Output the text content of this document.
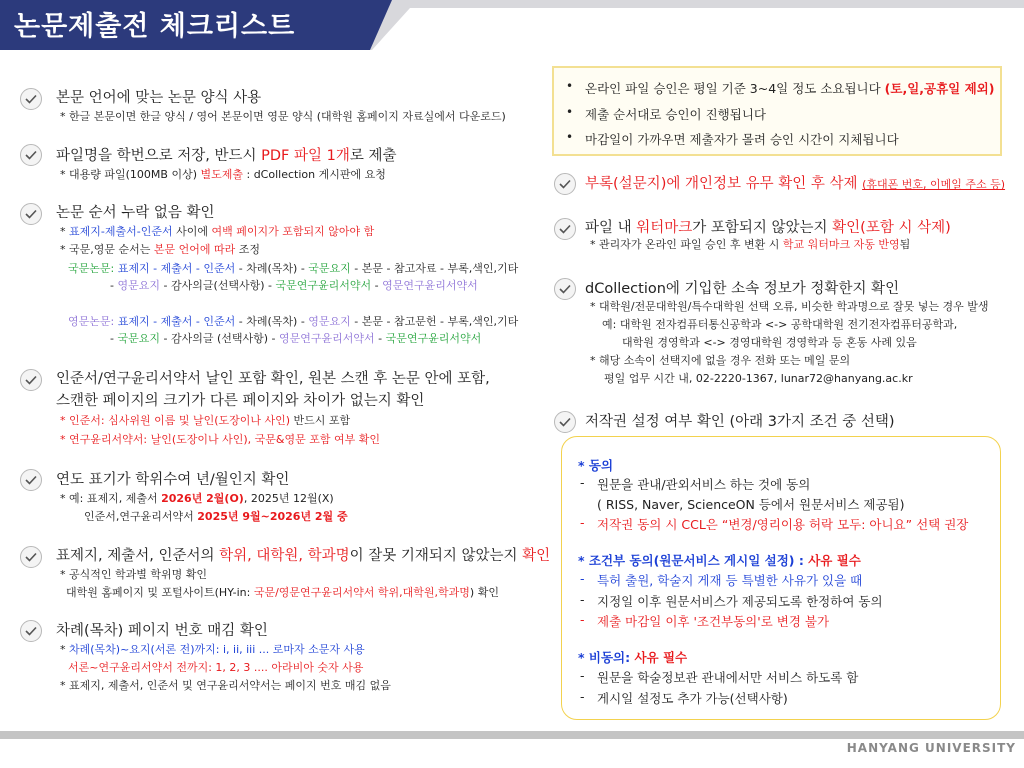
논문제출전 체크리스트
본문 언어에 맞는 논문 양식 사용
* 한글 본문이면 한글 양식 / 영어 본문이면 영문 양식 (대학원 홈페이지 자료실에서 다운로드)
파일명을 학번으로 저장, 반드시 PDF 파일 1개로 제출
* 대용량 파일(100MB 이상) 별도제출 : dCollection 게시판에 요청
논문 순서 누락 없음 확인
* 표제지-제출서-인준서 사이에 여백 페이지가 포함되지 않아야 함
* 국문,영문 순서는 본문 언어에 따라 조정
국문논문: 표제지 - 제출서 - 인준서 - 차례(목차) - 국문요지 - 본문 - 참고자료 - 부록,색인,기타
- 영문요지 - 감사의글(선택사항) - 국문연구윤리서약서 - 영문연구윤리서약서
영문논문: 표제지 - 제출서 - 인준서 - 차례(목차) - 영문요지 - 본문 - 참고문헌 - 부록,색인,기타
- 국문요지 - 감사의글 (선택사항) - 영문연구윤리서약서 - 국문연구윤리서약서
인준서/연구윤리서약서 날인 포함 확인, 원본 스캔 후 논문 안에 포함,
스캔한 페이지의 크기가 다른 페이지와 차이가 없는지 확인
* 인준서: 심사위원 이름 및 날인(도장이나 사인) 반드시 포함
* 연구윤리서약서: 날인(도장이나 사인), 국문&영문 포함 여부 확인
연도 표기가 학위수여 년/월인지 확인
* 예: 표제지, 제출서 2026년 2월(O), 2025년 12월(X)
인준서,연구윤리서약서 2025년 9월~2026년 2월 중
표제지, 제출서, 인준서의 학위, 대학원, 학과명이 잘못 기재되지 않았는지 확인
* 공식적인 학과별 학위명 확인
대학원 홈페이지 및 포털사이트(HY-in: 국문/영문연구윤리서약서 학위,대학원,학과명) 확인
차례(목차) 페이지 번호 매김 확인
* 차례(목차)~요지(서론 전)까지: i, ii, iii ... 로마자 소문자 사용
서론~연구윤리서약서 전까지: 1, 2, 3 .... 아라비아 숫자 사용
* 표제지, 제출서, 인준서 및 연구윤리서약서는 페이지 번호 매김 없음
• 온라인 파일 승인은 평일 기준 3~4일 정도 소요됩니다 (토,일,공휴일 제외)
• 제출 순서대로 승인이 진행됩니다
• 마감일이 가까우면 제출자가 몰려 승인 시간이 지체됩니다
부록(설문지)에 개인정보 유무 확인 후 삭제 (휴대폰 번호, 이메일 주소 등)
파일 내 워터마크가 포함되지 않았는지 확인(포함 시 삭제)
* 관리자가 온라인 파일 승인 후 변환 시 학교 워터마크 자동 반영됨
dCollection에 기입한 소속 정보가 정확한지 확인
* 대학원/전문대학원/특수대학원 선택 오류, 비슷한 학과명으로 잘못 넣는 경우 발생
예: 대학원 전자컴퓨터통신공학과 <-> 공학대학원 전기전자컴퓨터공학과,
대학원 경영학과 <-> 경영대학원 경영학과 등 혼동 사례 있음
* 해당 소속이 선택지에 없을 경우 전화 또는 메일 문의
평일 업무 시간 내, 02-2220-1367, lunar72@hanyang.ac.kr
저작권 설정 여부 확인 (아래 3가지 조건 중 선택)
* 동의
- 원문을 관내/관외서비스 하는 것에 동의
( RISS, Naver, ScienceON 등에서 원문서비스 제공됨)
- 저작권 동의 시 CCL은 “변경/영리이용 허락 모두: 아니요” 선택 권장
* 조건부 동의(원문서비스 게시일 설정) : 사유 필수
- 특허 출원, 학술지 게재 등 특별한 사유가 있을 때
- 지정일 이후 원문서비스가 제공되도록 한정하여 동의
- 제출 마감일 이후 '조건부동의'로 변경 불가
* 비동의: 사유 필수
- 원문을 학술정보관 관내에서만 서비스 하도록 함
- 게시일 설정도 추가 가능(선택사항)
HANYANG UNIVERSITY
